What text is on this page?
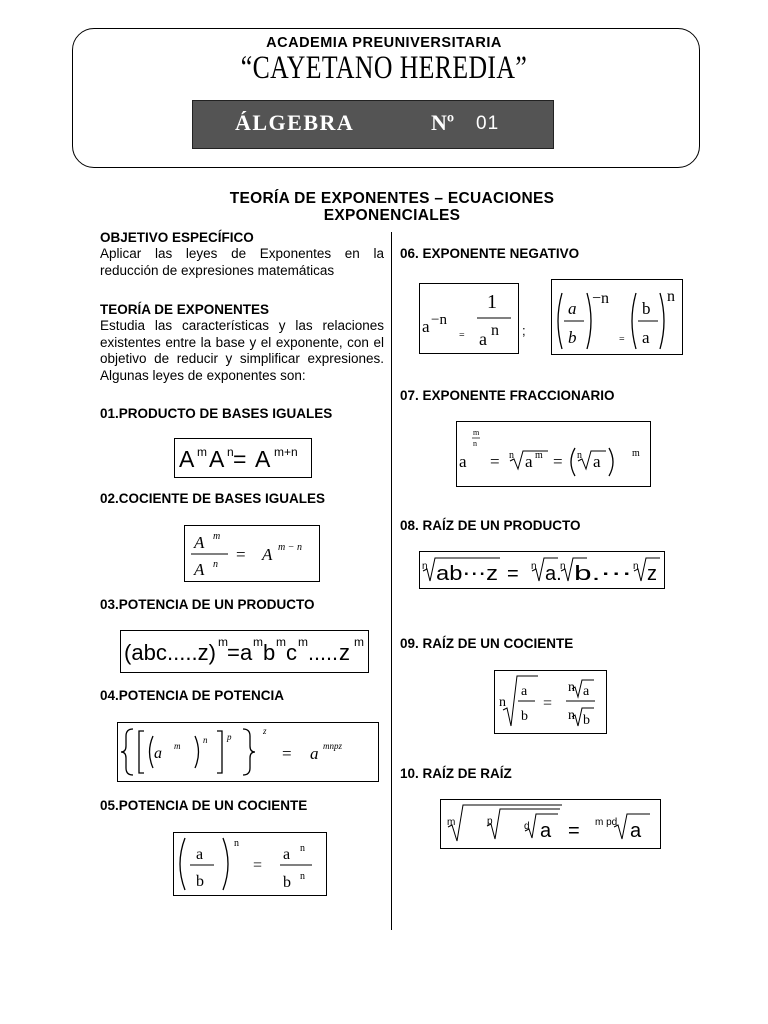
ACADEMIA PREUNIVERSITARIA
“CAYETANO HEREDIA”
ÁLGEBRA	Nº 01
TEORÍA DE EXPONENTES – ECUACIONES
EXPONENCIALES
OBJETIVO ESPECÍFICO
Aplicar las leyes de Exponentes en la reducción de expresiones matemáticas
TEORÍA DE EXPONENTES
Estudia las características y las relaciones existentes entre la base y el exponente, con el objetivo de reducir y simplificar expresiones. Algunas leyes de exponentes son:
01.PRODUCTO DE BASES IGUALES
02.COCIENTE DE BASES IGUALES
03.POTENCIA DE UN PRODUCTO
04.POTENCIA DE POTENCIA
05.POTENCIA DE UN COCIENTE
06. EXPONENTE NEGATIVO
07. EXPONENTE FRACCIONARIO
08. RAÍZ DE UN PRODUCTO
09. RAÍZ DE UN COCIENTE
10. RAÍZ DE RAÍZ
A m A n = A m+n
A m
A n
= A m − n
(abc.....z) m = a m b m c m ..... z m
a m
n p
z
= a mnpz
a
b
n
=
a n
b n
a −n
=
1
a n ;
a
b
−n
=
b
a
n
a
m
n
= n a m = n a	m
n ab⋯z = n a.
n b.⋯ n z
n
a
b
=
n a
n b
m	p	d a = m pd a
